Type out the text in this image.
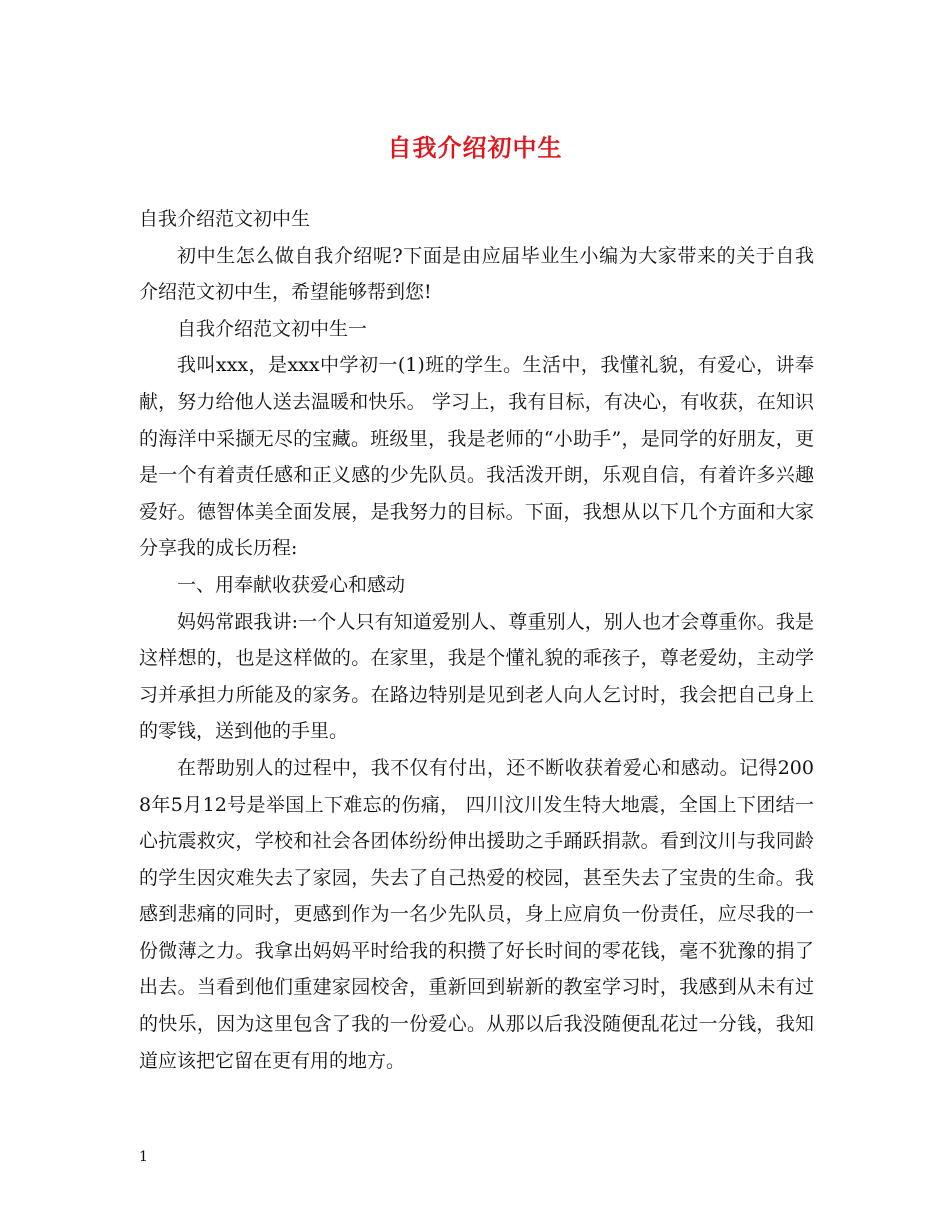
自我介绍初中生

自我介绍范文初中生

初中生怎么做自我介绍呢?下面是由应届毕业生小编为大家带来的关于自我介绍范文初中生，希望能够帮到您!

自我介绍范文初中生一

我叫xxx，是xxx中学初一(1)班的学生。生活中，我懂礼貌，有爱心，讲奉献，努力给他人送去温暖和快乐。 学习上，我有目标，有决心，有收获，在知识的海洋中采撷无尽的宝藏。班级里，我是老师的“小助手”，是同学的好朋友，更是一个有着责任感和正义感的少先队员。我活泼开朗，乐观自信，有着许多兴趣爱好。德智体美全面发展，是我努力的目标。下面，我想从以下几个方面和大家分享我的成长历程:

一、用奉献收获爱心和感动

妈妈常跟我讲:一个人只有知道爱别人、尊重别人，别人也才会尊重你。我是这样想的，也是这样做的。在家里，我是个懂礼貌的乖孩子，尊老爱幼，主动学习并承担力所能及的家务。在路边特别是见到老人向人乞讨时，我会把自己身上的零钱，送到他的手里。

在帮助别人的过程中，我不仅有付出，还不断收获着爱心和感动。记得2008年5月12号是举国上下难忘的伤痛， 四川汶川发生特大地震，全国上下团结一心抗震救灾，学校和社会各团体纷纷伸出援助之手踊跃捐款。看到汶川与我同龄的学生因灾难失去了家园，失去了自己热爱的校园，甚至失去了宝贵的生命。我感到悲痛的同时，更感到作为一名少先队员，身上应肩负一份责任，应尽我的一份微薄之力。我拿出妈妈平时给我的积攒了好长时间的零花钱，毫不犹豫的捐了出去。当看到他们重建家园校舍，重新回到崭新的教室学习时，我感到从未有过的快乐，因为这里包含了我的一份爱心。从那以后我没随便乱花过一分钱，我知道应该把它留在更有用的地方。

1
